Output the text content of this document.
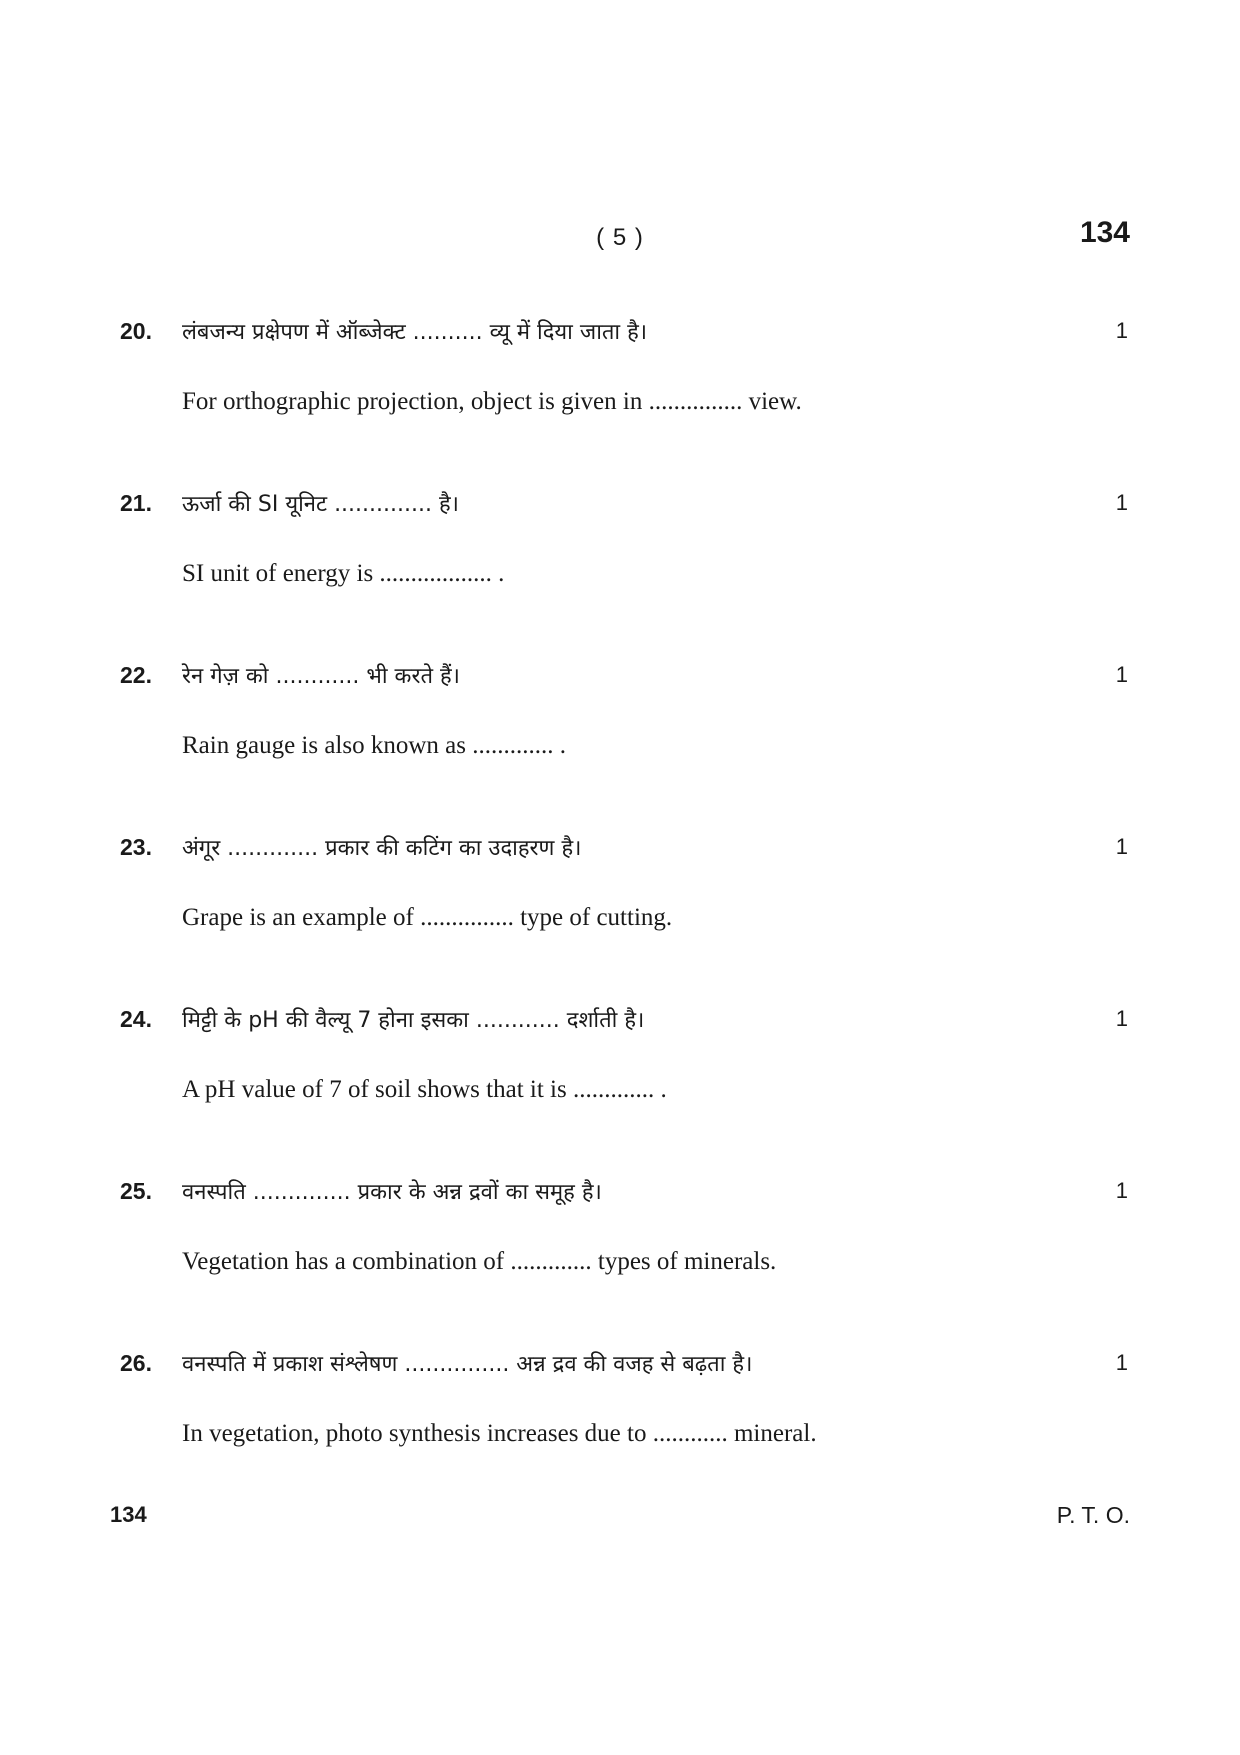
( 5 )	134
20.	लंबजन्य प्रक्षेपण में ऑब्जेक्ट .......... व्यू में दिया जाता है।	1
For orthographic projection, object is given in ............... view.
21.	ऊर्जा की SI यूनिट .............. है।	1
SI unit of energy is .................. .
22.	रेन गेज़ को ............ भी करते हैं।	1
Rain gauge is also known as ............. .
23.	अंगूर ............. प्रकार की कटिंग का उदाहरण है।	1
Grape is an example of ............... type of cutting.
24.	मिट्टी के pH की वैल्यू 7 होना इसका ............ दर्शाती है।	1
A pH value of 7 of soil shows that it is ............. .
25.	वनस्पति .............. प्रकार के अन्न द्रवों का समूह है।	1
Vegetation has a combination of ............. types of minerals.
26.	वनस्पति में प्रकाश संश्लेषण ............... अन्न द्रव की वजह से बढ़ता है।	1
In vegetation, photo synthesis increases due to ............ mineral.
134	P. T. O.
